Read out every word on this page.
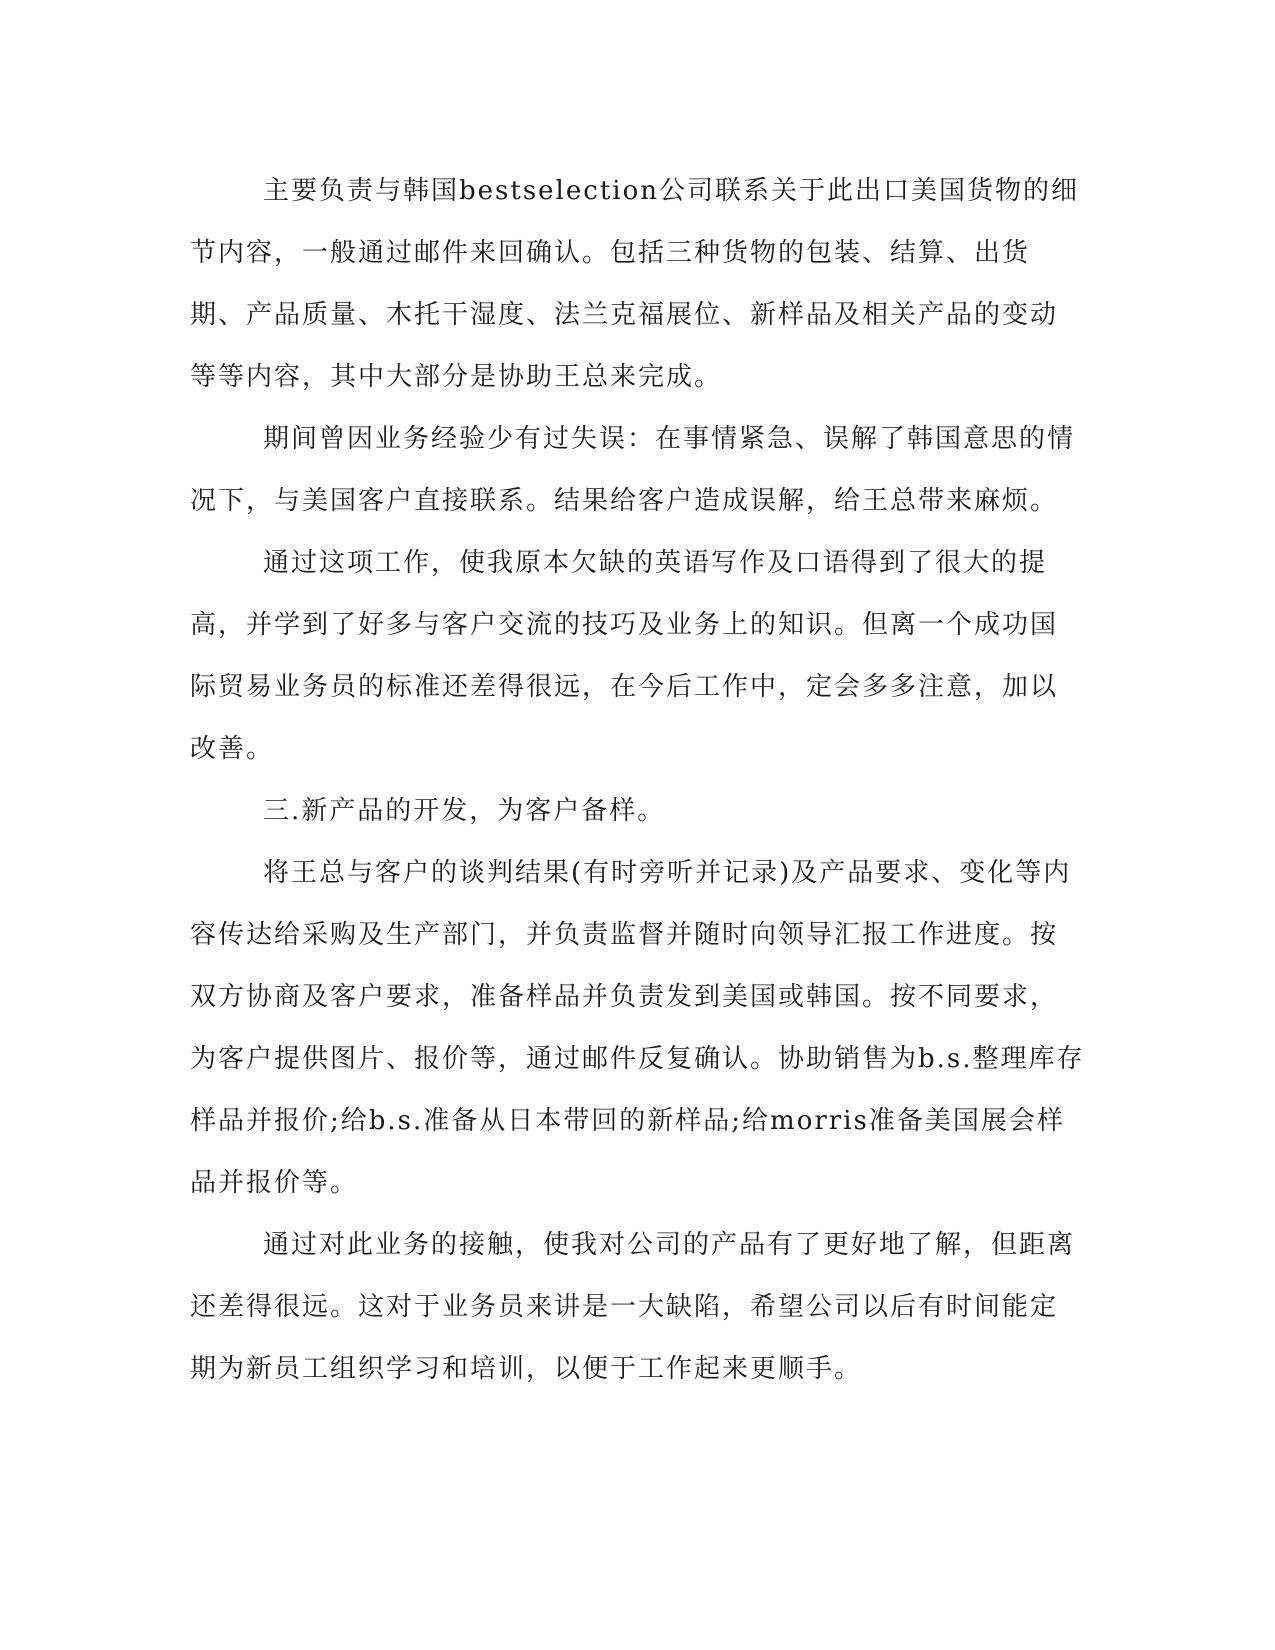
主要负责与韩国bestselection公司联系关于此出口美国货物的细节内容，一般通过邮件来回确认。包括三种货物的包装、结算、出货期、产品质量、木托干湿度、法兰克福展位、新样品及相关产品的变动等等内容，其中大部分是协助王总来完成。

期间曾因业务经验少有过失误：在事情紧急、误解了韩国意思的情况下，与美国客户直接联系。结果给客户造成误解，给王总带来麻烦。

通过这项工作，使我原本欠缺的英语写作及口语得到了很大的提高，并学到了好多与客户交流的技巧及业务上的知识。但离一个成功国际贸易业务员的标准还差得很远，在今后工作中，定会多多注意，加以改善。

三.新产品的开发，为客户备样。

将王总与客户的谈判结果(有时旁听并记录)及产品要求、变化等内容传达给采购及生产部门，并负责监督并随时向领导汇报工作进度。按双方协商及客户要求，准备样品并负责发到美国或韩国。按不同要求，为客户提供图片、报价等，通过邮件反复确认。协助销售为b.s.整理库存样品并报价;给b.s.准备从日本带回的新样品;给morris准备美国展会样品并报价等。

通过对此业务的接触，使我对公司的产品有了更好地了解，但距离还差得很远。这对于业务员来讲是一大缺陷，希望公司以后有时间能定期为新员工组织学习和培训，以便于工作起来更顺手。
